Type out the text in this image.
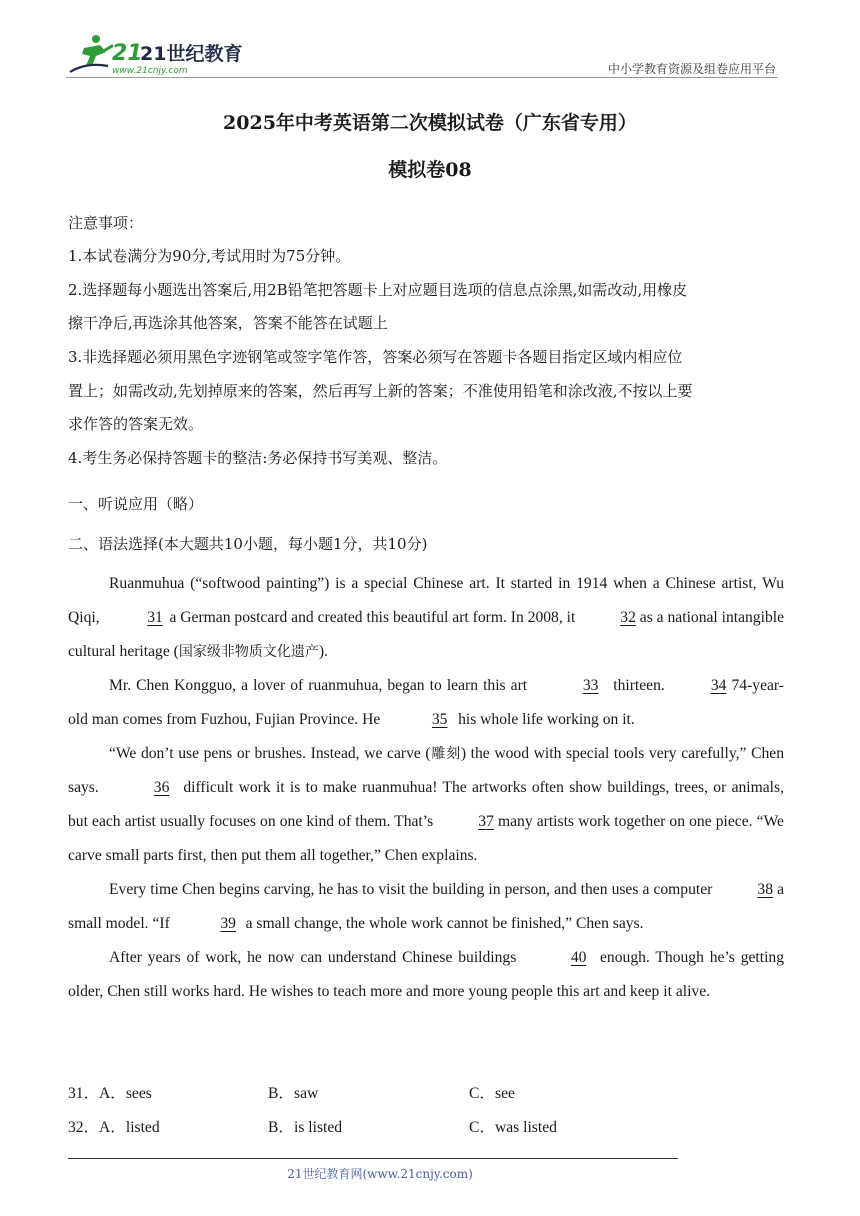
21
21世纪教育
www.21cnjy.com	中小学教育资源及组卷应用平台
2025年中考英语第二次模拟试卷（广东省专用）
模拟卷08
注意事项：
1.本试卷满分为90分,考试用时为75分钟。
2.选择题每小题选出答案后,用2B铅笔把答题卡上对应题目选项的信息点涂黑,如需改动,用橡皮
擦干净后,再选涂其他答案，答案不能答在试题上
3.非选择题必须用黑色字迹钢笔或签字笔作答，答案必须写在答题卡各题目指定区域内相应位
置上；如需改动,先划掉原来的答案，然后再写上新的答案；不准使用铅笔和涂改液,不按以上要
求作答的答案无效。
4.考生务必保持答题卡的整洁:务必保持书写美观、整洁。
一、听说应用（略）
二、语法选择(本大题共10小题，每小题1分，共10分)

Ruanmuhua (“softwood painting”) is a special Chinese art. It started in 1914 when a Chinese artist, Wu Qiqi,	31 a German postcard and created this beautiful art form. In 2008, it	32 as a national intangible cultural heritage (国家级非物质文化遗产).

Mr. Chen Kongguo, a lover of ruanmuhua, began to learn this art	33 thirteen.	34 74-year-old man comes from Fuzhou, Fujian Province. He	35 his whole life working on it.

“We don’t use pens or brushes. Instead, we carve (雕刻) the wood with special tools very carefully,” Chen says.	36 difficult work it is to make ruanmuhua! The artworks often show buildings, trees, or animals, but each artist usually focuses on one kind of them. That’s	37 many artists work together on one piece. “We carve small parts first, then put them all together,” Chen explains.

Every time Chen begins carving, he has to visit the building in person, and then uses a computer	38 a small model. “If	39 a small change, the whole work cannot be finished,” Chen says.

After years of work, he now can understand Chinese buildings	40 enough. Though he’s getting older, Chen still works hard. He wishes to teach more and more young people this art and keep it alive.

31． A．sees	B．saw	C．see
32． A．listed	B．is listed	C．was listed
21世纪教育网(www.21cnjy.com)
